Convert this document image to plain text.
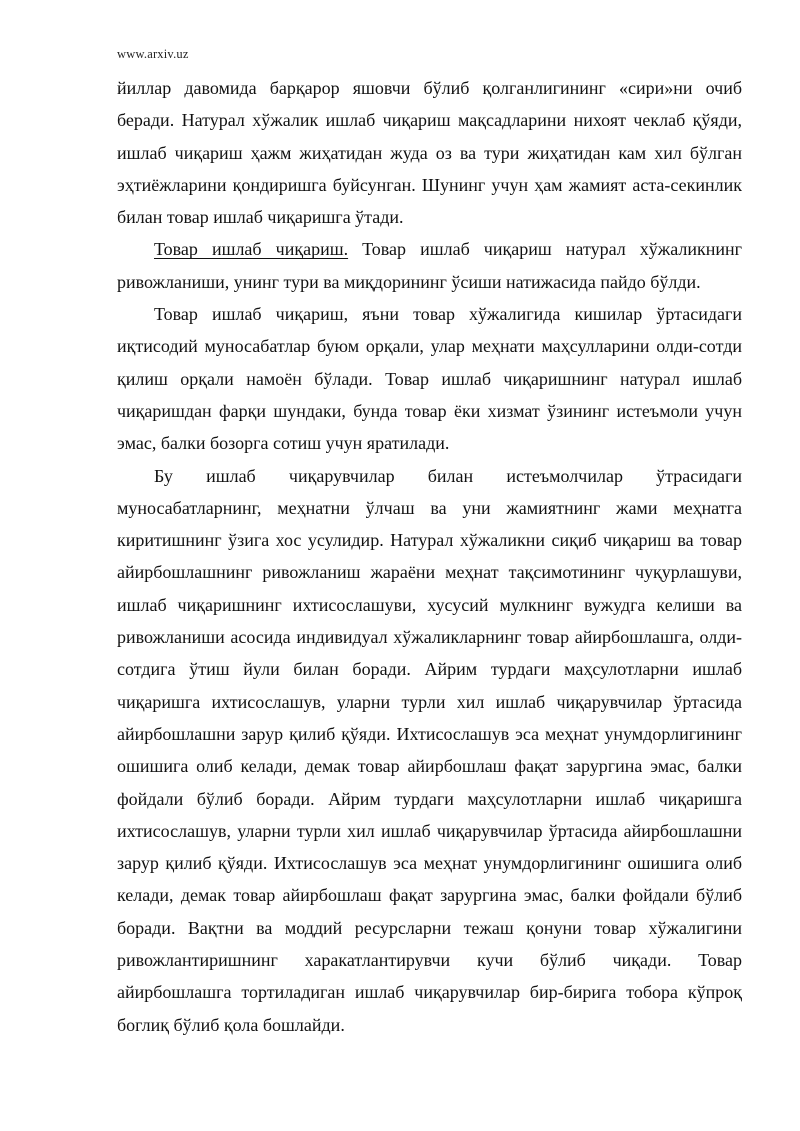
www.arxiv.uz

йиллар давомида барқарор яшовчи бўлиб қолганлигининг «сири»ни очиб беради. Натурал хўжалик ишлаб чиқариш мақсадларини нихоят чеклаб қўяди, ишлаб чиқариш ҳажм жиҳатидан жуда оз ва тури жиҳатидан кам хил бўлган эҳтиёжларини қондиришга буйсунган. Шунинг учун ҳам жамият аста-секинлик билан товар ишлаб чиқаришга ўтади.

Товар ишлаб чиқариш. Товар ишлаб чиқариш натурал хўжаликнинг ривожланиши, унинг тури ва миқдорининг ўсиши натижасида пайдо бўлди.

Товар ишлаб чиқариш, яъни товар хўжалигида кишилар ўртасидаги иқтисодий муносабатлар буюм орқали, улар меҳнати маҳсулларини олди-сотди қилиш орқали намоён бўлади. Товар ишлаб чиқаришнинг натурал ишлаб чиқаришдан фарқи шундаки, бунда товар ёки хизмат ўзининг истеъмоли учун эмас, балки бозорга сотиш учун яратилади.

Бу ишлаб чиқарувчилар билан истеъмолчилар ўтрасидаги муносабатларнинг, меҳнатни ўлчаш ва уни жамиятнинг жами меҳнатга киритишнинг ўзига хос усулидир. Натурал хўжаликни сиқиб чиқариш ва товар айирбошлашнинг ривожланиш жараёни меҳнат тақсимотининг чуқурлашуви, ишлаб чиқаришнинг ихтисослашуви, хусусий мулкнинг вужудга келиши ва ривожланиши асосида индивидуал хўжаликларнинг товар айирбошлашга, олди-сотдига ўтиш йули билан боради. Айрим турдаги маҳсулотларни ишлаб чиқаришга ихтисослашув, уларни турли хил ишлаб чиқарувчилар ўртасида айирбошлашни зарур қилиб қўяди. Ихтисослашув эса меҳнат унумдорлигининг ошишига олиб келади, демак товар айирбошлаш фақат зарургина эмас, балки фойдали бўлиб боради. Айрим турдаги маҳсулотларни ишлаб чиқаришга ихтисослашув, уларни турли хил ишлаб чиқарувчилар ўртасида айирбошлашни зарур қилиб қўяди. Ихтисослашув эса меҳнат унумдорлигининг ошишига олиб келади, демак товар айирбошлаш фақат зарургина эмас, балки фойдали бўлиб боради. Вақтни ва моддий ресурсларни тежаш қонуни товар хўжалигини ривожлантиришнинг харакатлантирувчи кучи бўлиб чиқади. Товар айирбошлашга тортиладиган ишлаб чиқарувчилар бир-бирига тобора кўпроқ боглиқ бўлиб қола бошлайди.
